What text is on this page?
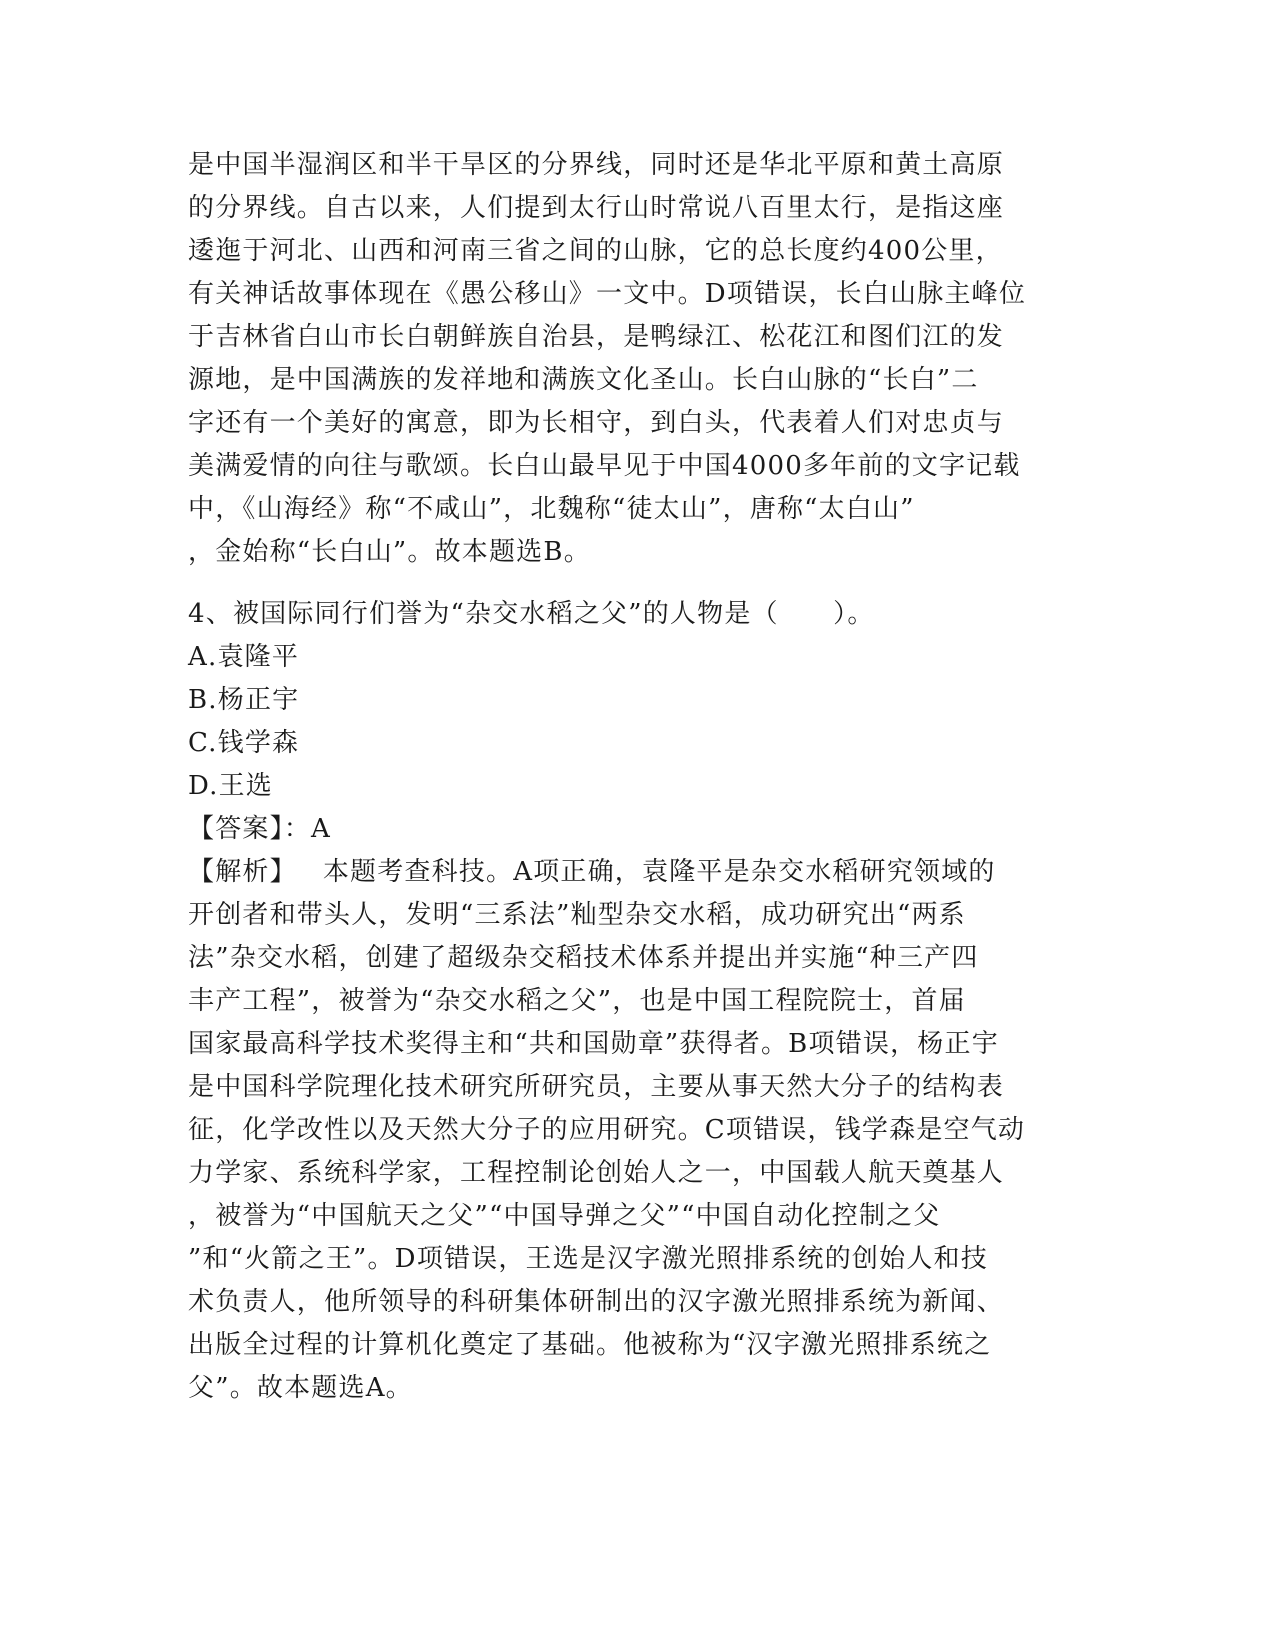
是中国半湿润区和半干旱区的分界线，同时还是华北平原和黄土高原
的分界线。自古以来，人们提到太行山时常说八百里太行，是指这座
逶迤于河北、山西和河南三省之间的山脉，它的总长度约400公里，
有关神话故事体现在《愚公移山》一文中。D项错误，长白山脉主峰位
于吉林省白山市长白朝鲜族自治县，是鸭绿江、松花江和图们江的发
源地，是中国满族的发祥地和满族文化圣山。长白山脉的“长白”二
字还有一个美好的寓意，即为长相守，到白头，代表着人们对忠贞与
美满爱情的向往与歌颂。长白山最早见于中国4000多年前的文字记载
中，《山海经》称“不咸山”，北魏称“徒太山”，唐称“太白山”
，金始称“长白山”。故本题选B。
4、被国际同行们誉为“杂交水稻之父”的人物是（　　）。
A.袁隆平
B.杨正宇
C.钱学森
D.王选
【答案】：A
【解析】 本题考查科技。A项正确，袁隆平是杂交水稻研究领域的
开创者和带头人，发明“三系法”籼型杂交水稻，成功研究出“两系
法”杂交水稻，创建了超级杂交稻技术体系并提出并实施“种三产四
丰产工程”，被誉为“杂交水稻之父”，也是中国工程院院士，首届
国家最高科学技术奖得主和“共和国勋章”获得者。B项错误，杨正宇
是中国科学院理化技术研究所研究员，主要从事天然大分子的结构表
征，化学改性以及天然大分子的应用研究。C项错误，钱学森是空气动
力学家、系统科学家，工程控制论创始人之一，中国载人航天奠基人
，被誉为“中国航天之父”“中国导弹之父”“中国自动化控制之父
”和“火箭之王”。D项错误，王选是汉字激光照排系统的创始人和技
术负责人，他所领导的科研集体研制出的汉字激光照排系统为新闻、
出版全过程的计算机化奠定了基础。他被称为“汉字激光照排系统之
父”。故本题选A。
